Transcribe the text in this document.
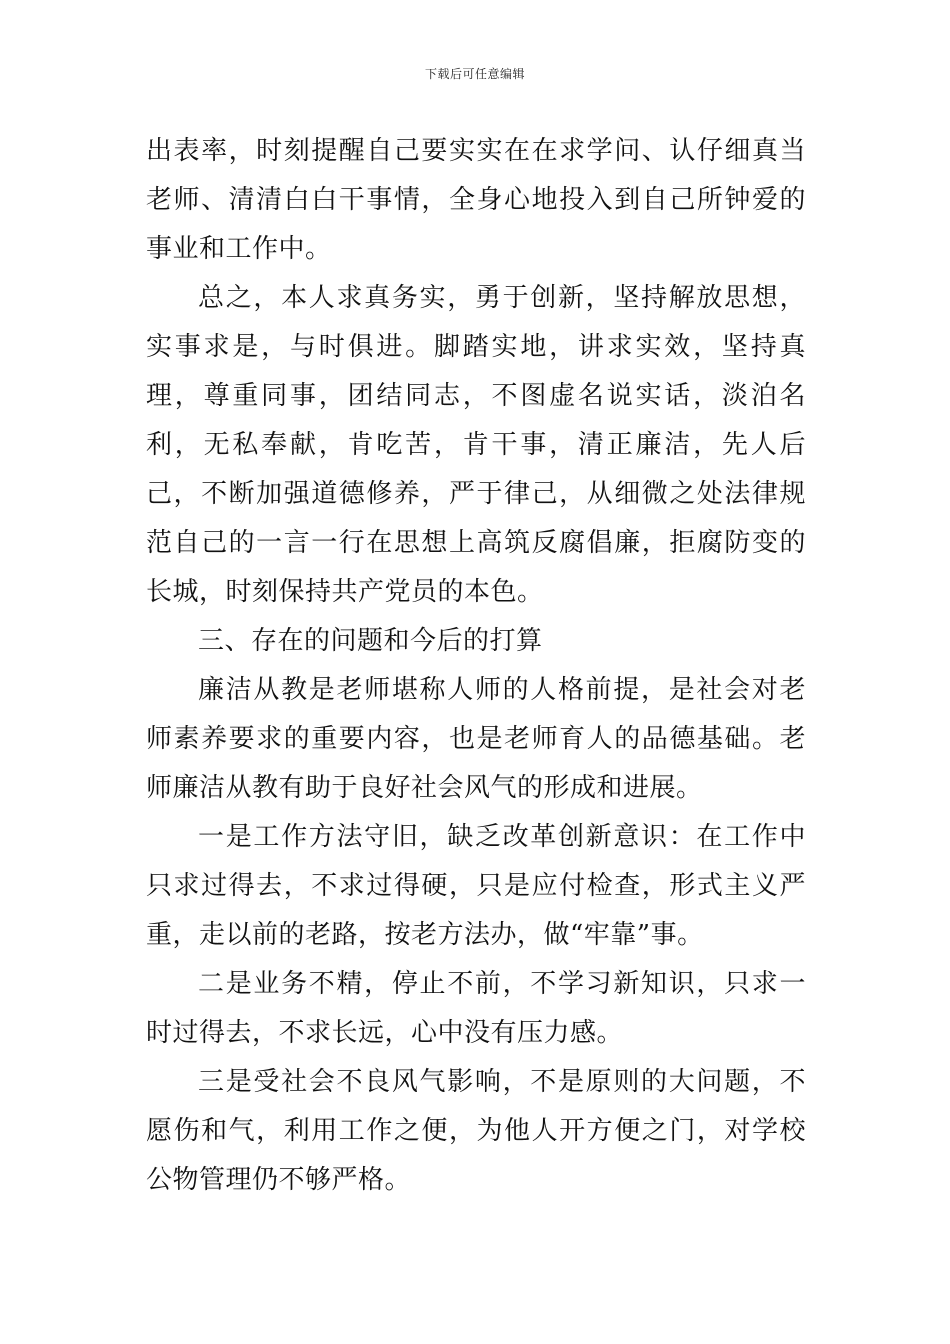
下载后可任意编辑

出表率，时刻提醒自己要实实在在求学问、认仔细真当老师、清清白白干事情，全身心地投入到自己所钟爱的事业和工作中。

总之，本人求真务实，勇于创新，坚持解放思想，实事求是，与时俱进。脚踏实地，讲求实效，坚持真理，尊重同事，团结同志，不图虚名说实话，淡泊名利，无私奉献，肯吃苦，肯干事，清正廉洁，先人后己，不断加强道德修养，严于律己，从细微之处法律规范自己的一言一行在思想上高筑反腐倡廉，拒腐防变的长城，时刻保持共产党员的本色。

三、存在的问题和今后的打算

廉洁从教是老师堪称人师的人格前提，是社会对老师素养要求的重要内容，也是老师育人的品德基础。老师廉洁从教有助于良好社会风气的形成和进展。

一是工作方法守旧，缺乏改革创新意识：在工作中只求过得去，不求过得硬，只是应付检查，形式主义严重，走以前的老路，按老方法办，做“牢靠”事。

二是业务不精，停止不前，不学习新知识，只求一时过得去，不求长远，心中没有压力感。

三是受社会不良风气影响，不是原则的大问题，不愿伤和气，利用工作之便，为他人开方便之门，对学校公物管理仍不够严格。
